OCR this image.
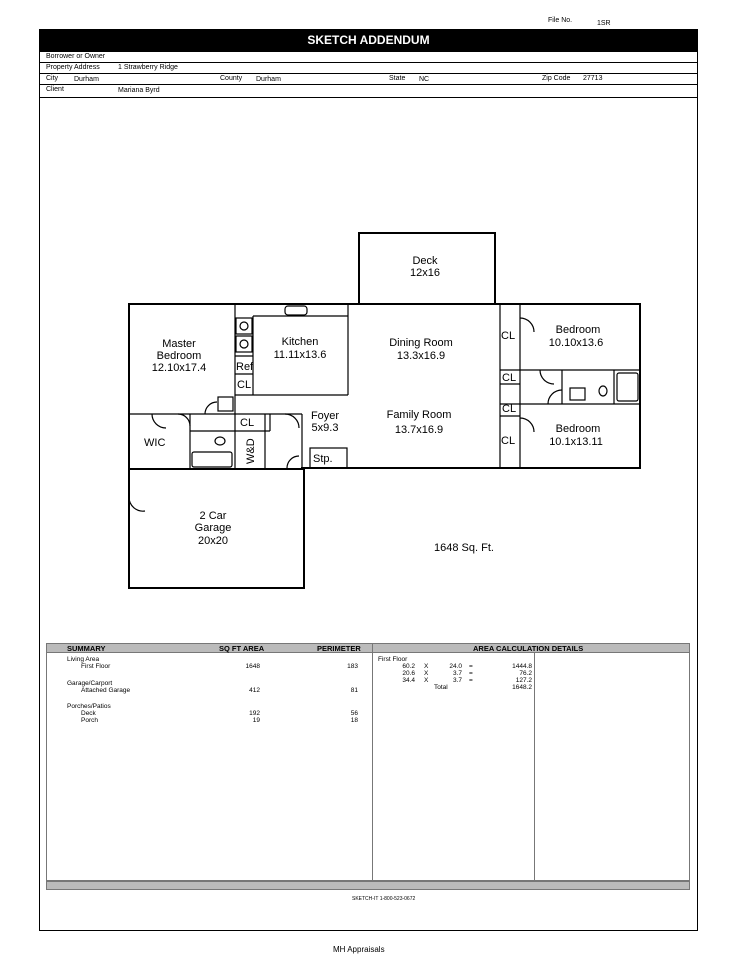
File No.	1SR
SKETCH ADDENDUM
Borrower or Owner
Property Address	1 Strawberry Ridge
City Durham	County Durham	State NC	Zip Code 27713
Client	Mariana Byrd
Deck
12x16
Master
Bedroom
12.10x17.4
Kitchen
11.11x13.6
Dining Room
13.3x16.9
Family Room
13.7x16.9
Foyer
5x9.3
Bedroom
10.10x13.6
Bedroom
10.1x13.11
2 Car
Garage
20x20
Ref
CL
CL
WIC	W&D	Stp.
CL
CL
CL
CL
1648 Sq. Ft.
SUMMARY	SQ FT AREA	PERIMETER	AREA CALCULATION DETAILS
Living Area
First Floor	1648	183
Garage/Carport
Attached Garage	412	81
Porches/Patios
Deck	192	56
Porch	19	18
First Floor
60.2 X	24.0 =	1444.8
20.6 X	3.7 =	76.2
34.4 X	3.7 =	127.2
Total	1648.2
SKETCH-IT 1-800-523-0672
MH Appraisals
